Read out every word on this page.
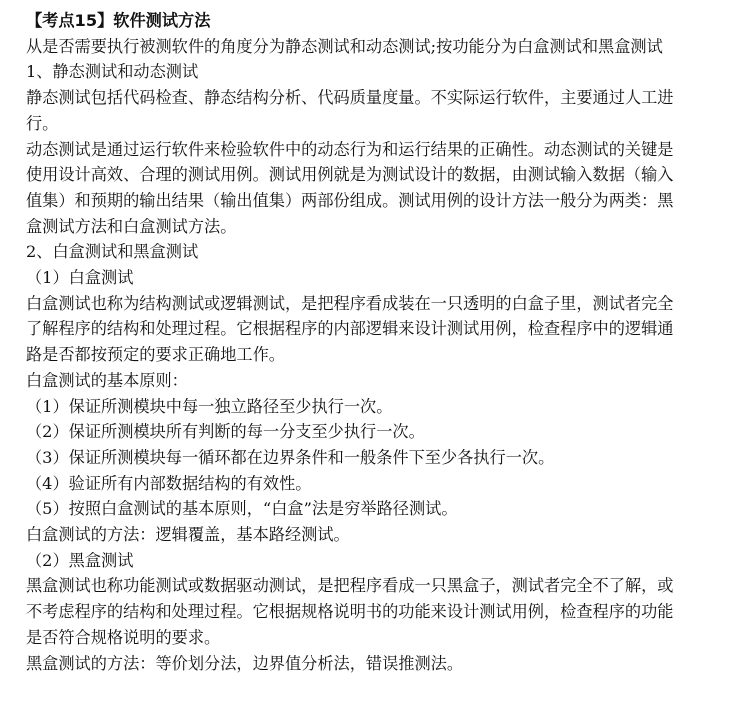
【考点15】软件测试方法
从是否需要执行被测软件的角度分为静态测试和动态测试;按功能分为白盒测试和黑盒测试
1、静态测试和动态测试
静态测试包括代码检查、静态结构分析、代码质量度量。不实际运行软件，主要通过人工进
行。
动态测试是通过运行软件来检验软件中的动态行为和运行结果的正确性。动态测试的关键是
使用设计高效、合理的测试用例。测试用例就是为测试设计的数据，由测试输入数据（输入
值集）和预期的输出结果（输出值集）两部份组成。测试用例的设计方法一般分为两类：黑
盒测试方法和白盒测试方法。
2、白盒测试和黑盒测试
（1）白盒测试
白盒测试也称为结构测试或逻辑测试，是把程序看成装在一只透明的白盒子里，测试者完全
了解程序的结构和处理过程。它根据程序的内部逻辑来设计测试用例，检查程序中的逻辑通
路是否都按预定的要求正确地工作。
白盒测试的基本原则：
（1）保证所测模块中每一独立路径至少执行一次。
（2）保证所测模块所有判断的每一分支至少执行一次。
（3）保证所测模块每一循环都在边界条件和一般条件下至少各执行一次。
（4）验证所有内部数据结构的有效性。
（5）按照白盒测试的基本原则，“白盒”法是穷举路径测试。
白盒测试的方法：逻辑覆盖，基本路经测试。
（2）黑盒测试
黑盒测试也称功能测试或数据驱动测试，是把程序看成一只黑盒子，测试者完全不了解，或
不考虑程序的结构和处理过程。它根据规格说明书的功能来设计测试用例，检查程序的功能
是否符合规格说明的要求。
黑盒测试的方法：等价划分法，边界值分析法，错误推测法。
